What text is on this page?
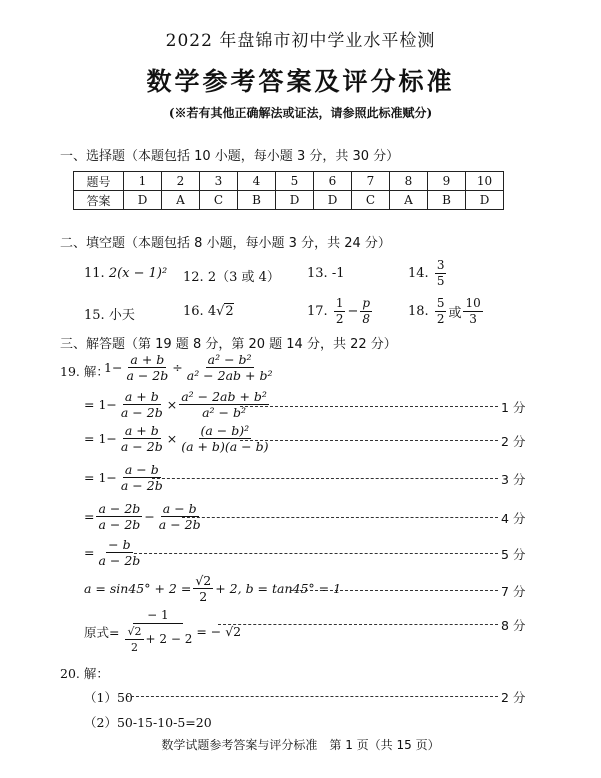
2022 年盘锦市初中学业水平检测
数学参考答案及评分标准
(※若有其他正确解法或证法，请参照此标准赋分)
一、选择题（本题包括 10 小题，每小题 3 分，共 30 分）
题号	1	2	3	4	5	6	7	8	9	10
答案	D	A	C	B	D	D	C	A	B	D
二、填空题（本题包括 8 小题，每小题 3 分，共 24 分）
11. 2(x − 1)² 12. 2（3 或 4） 13. -1	14.
$\frac{3}{5}$
15. 小天	16. 4√2	17.
$\frac{1}{2} - \frac{p}{8}$	18.
$\frac{5}{2}$ 或 $\frac{10}{3}$
三、解答题（第 19 题 8 分，第 20 题 14 分，共 22 分）
19. 解：
$1- \frac{a + b}{a - 2b} \div \frac{\text{a² − b²}}{\text{a² − 2ab + b²}}$
= $1- \frac{a + b}{a - 2b} \times \frac{\text{a² − 2ab + b²}}{\text{a² − b²}}$	1 分
= $1- \frac{a + b}{a - 2b} \times \frac{\text{(a − b)²}}{(a + b)(a - b)}$	2 分
= $1- \frac{a - b}{a - 2b}$	3 分
= $\frac{a - 2b}{a - 2b} - \frac{a - b}{a - 2b}$	4 分
= $\frac{- b}{a - 2b}$	5 分
$a = \sin 45^\circ + 2 = \frac{√2}{2} + 2$, b = tan45° = 1	7 分
原式= $\frac{- 1}{\frac{√2}{2} + 2 - 2}$ = − √2	8 分
20. 解：
（1）50	2 分
（2）50-15-10-5=20
数学试题参考答案与评分标准　第 1 页（共 15 页）
